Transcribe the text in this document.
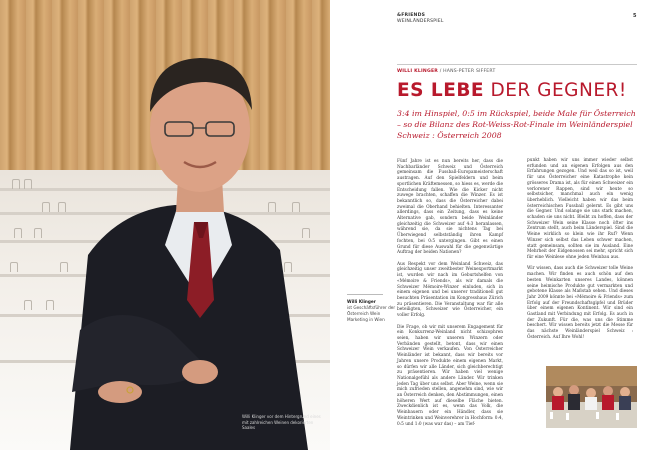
Willi Klinger vor dem Hintergrund eines mit zahlreichen Weinen dekorierten Saales
Willi Klinger
ist Geschäftsführer der Österreich Wein Marketing in Wien
&FRIENDS
WEINLÄNDERSPIEL
5
WILLI KLINGER / HANS-PETER SIFFERT
ES LEBE DER GEGNER!
3:4 im Hinspiel, 0:5 im Rückspiel, beide Male für Österreich – so die Bilanz des Rot-Weiss-Rot-Finale im Weinländerspiel Schweiz : Österreich 2008

Fünf Jahre ist es nun bereits her, dass die Nachbarländer Schweiz und Österreich gemeinsam die Fussball-Europameisterschaft austragen. Auf den Spielfeldern und beim sportlichen Kräftemessen, so hiess es, werde die Entscheidung fallen. Wie die Kicker nicht zuwege brachten, schaffen die Winzer. Es ist bekanntlich so, dass die Österreicher dabei zweimal die Oberhand behielten. Interessanter allerdings, dass ein Zeitung, dass es keine Alternative gab, sondern beide Weinländer gleichzeitig die Schweizer auf 4:3 heranlassen, während sie, da sie nichtens Tag bei Überwiegend selbstständig ihren Kampf fochten, bei 0:5 untergingen. Gibt es einen Grund für diese Auswahl für die gegenwärtige Auftrag der beiden Nationen?

Aus Respekt vor dem Weinland Schweiz, das gleichzeitig unser zweitbester Weinexportmarkt ist, wurden wir nach im Geburtshelfen von «Mémoire & Friends», als wir damals die Schweizer Mémoire-Winzer einluden, sich in einem eigenen und bei unserer traditionell gut besuchten Präsentation im Kongresshaus Zürich zu präsentieren. Die Veranstaltung war für alle beteiligten, Schweizer wie Österreicher, ein voller Erfolg.

Die Frage, ob wir mit unserem Engagement für ein Konkurrenz-Weinland nicht schizophren seien, haben wir unseren Winzern oder Verbänden gestellt, betont, dass wir einen Schweizer Wein verkaufen. Von Österreicher Weinländer ist bekannt, dass wir bereits vor Jahren unsere Produkte einem eigenen Markt, so dürfen wir alle Länder, sich gleichberechtigt zu präsentieren. Wir haben viel wenige Nationalgefühl als andere Länder. Wir trinken jeden Tag über uns selbst. Aber Weine, wenn sie mich zufrieden stellen, angenehm sind, wie wir an Österreich denken, den Abstimmungen, einen höheren Wert auf dieselbe Fläche bieten. Zweckdienlich ist es, wenn das Volk, die Weinbauern oder ein Händler, dass sie Weintrinken und Weinverehrer in Hochform: 0:4, 0:5 und 1:0 (was war das) – am Tief-

punkt haben wir uns immer wieder selbst erfunden und an eigenen Erfolgen aus den Erfahrungen gezogen. Und weil das so ist, weil für uns Österreicher eine Katastrophe kein grösseres Drama ist, als für einen Schweizer ein verlorener Rappen, sind wir heute so selbstsicher, manchmal auch ein wenig überheblich. Vielleicht haben wir das beim österreichischen Fussball gelernt. Es gibt uns die Gegner. Und solange sie uns stark machen, schaden sie uns nicht. Bleibt zu hoffen, dass der Schweizer Wein seine Klasse noch öfter ins Zentrum stellt, auch beim Länderspiel. Sind die Weine wirklich so klein wie ihr Ruf? Wenn Winzer sich selbst das Leben schwer machen, statt gemeinsam, sollten sie im Ausland. Eine Mehrheit der Eidgenossen sei mehr, spricht sich für eine Weinlese ohne jeden Weinbau aus.

Wir wissen, dass auch die Schweizer tolle Weine machen. Wir finden es auch schön auf den besten Weinkarten unseres Landes, können seine heimische Produkte gut vermarkten und gebotene Klasse als Maßstab sehen. Und dieses Jahr 2009 könnte bei «Mémoire & Friends» zum Erfolg auf der Freundschaftsgipfel und Brüder über einem eigenen Kontinent. Wir sind ein Gastland mit Verbindung mit Erfolg. Es auch in der Zukunft. Für die, was uns die Stimme beschert. Wir wissen bereits jetzt die Messe für das nächste Weinländerspiel Schweiz : Österreich. Auf Ihre Wohl!
